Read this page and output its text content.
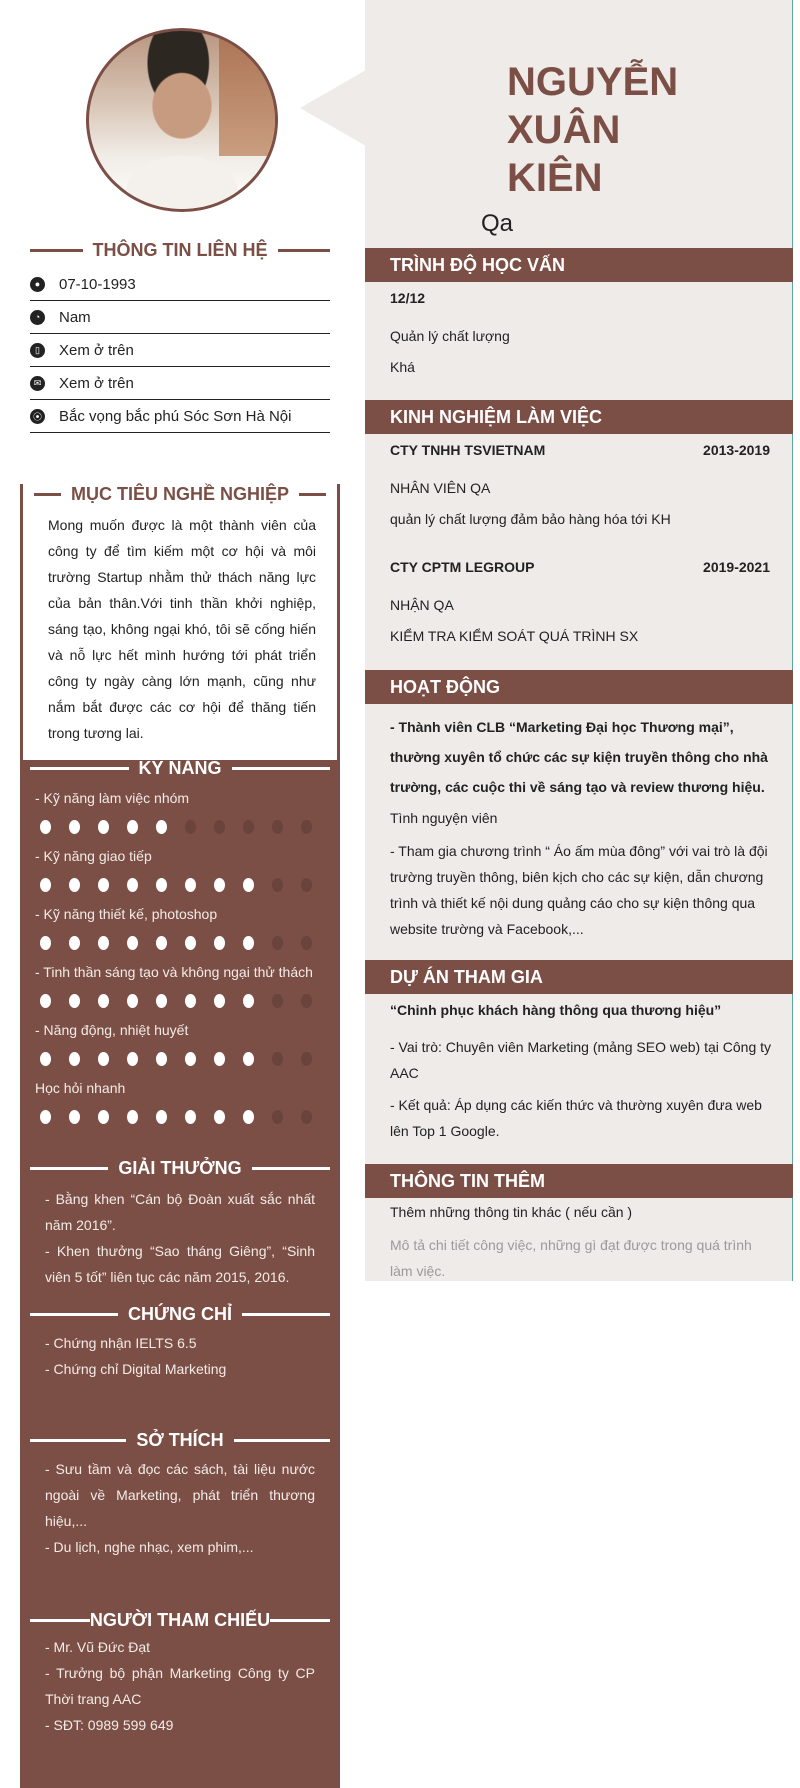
THÔNG TIN LIÊN HỆ
●	07-10-1993
◔	Nam
▯	Xem ở trên
✉ Xem ở trên
⦿ Bắc vọng bắc phú Sóc Sơn Hà Nội

Mong muốn được là một thành viên của công ty để tìm kiếm một cơ hội và môi trường Startup nhằm thử thách năng lực của bản thân.Với tinh thần khởi nghiệp, sáng tạo, không ngại khó, tôi sẽ cống hiến và nỗ lực hết mình hướng tới phát triển công ty ngày càng lớn mạnh, cũng như nắm bắt được các cơ hội để thăng tiến trong tương lai.

MỤC TIÊU NGHỀ NGHIỆP
KỸ NĂNG
- Kỹ năng làm việc nhóm
- Kỹ năng giao tiếp
- Kỹ năng thiết kế, photoshop
- Tinh thần sáng tạo và không ngại thử thách
- Năng động, nhiệt huyết
Học hỏi nhanh
GIẢI THƯỞNG
- Bằng khen “Cán bộ Đoàn xuất sắc nhất năm 2016”.
- Khen thưởng “Sao tháng Giêng”, “Sinh viên 5 tốt” liên tục các năm 2015, 2016.
CHỨNG CHỈ
- Chứng nhận IELTS 6.5
- Chứng chỉ Digital Marketing
SỞ THÍCH
- Sưu tầm và đọc các sách, tài liệu nước ngoài về Marketing, phát triển thương hiệu,...
- Du lịch, nghe nhạc, xem phim,...
NGƯỜI THAM CHIẾU
- Mr. Vũ Đức Đạt
- Trưởng bộ phận Marketing Công ty CP Thời trang AAC
- SĐT: 0989 599 649
NGUYỄN
XUÂN
KIÊN
Qa
TRÌNH ĐỘ HỌC VẤN
12/12
Quản lý chất lượng
Khá
KINH NGHIỆM LÀM VIỆC
CTY TNHH TSVIETNAM	2013-2019
NHÂN VIÊN QA
quản lý chất lượng đảm bảo hàng hóa tới KH
CTY CPTM LEGROUP	2019-2021
NHẬN QA
KIỂM TRA KIỂM SOÁT QUÁ TRÌNH SX
HOẠT ĐỘNG
- Thành viên CLB “Marketing Đại học Thương mại”,
thường xuyên tổ chức các sự kiện truyền thông cho nhà
trường, các cuộc thi về sáng tạo và review thương hiệu.
Tình nguyện viên
- Tham gia chương trình “ Áo ấm mùa đông” với vai trò là đội
trường truyền thông, biên kịch cho các sự kiện, dẫn chương
trình và thiết kế nội dung quảng cáo cho sự kiện thông qua
website trường và Facebook,...
DỰ ÁN THAM GIA
“Chinh phục khách hàng thông qua thương hiệu”
- Vai trò: Chuyên viên Marketing (mảng SEO web) tại Công ty
AAC
- Kết quả: Áp dụng các kiến thức và thường xuyên đưa web
lên Top 1 Google.
THÔNG TIN THÊM
Thêm những thông tin khác ( nếu cần )
Mô tả chi tiết công việc, những gì đạt được trong quá trình
làm việc.
